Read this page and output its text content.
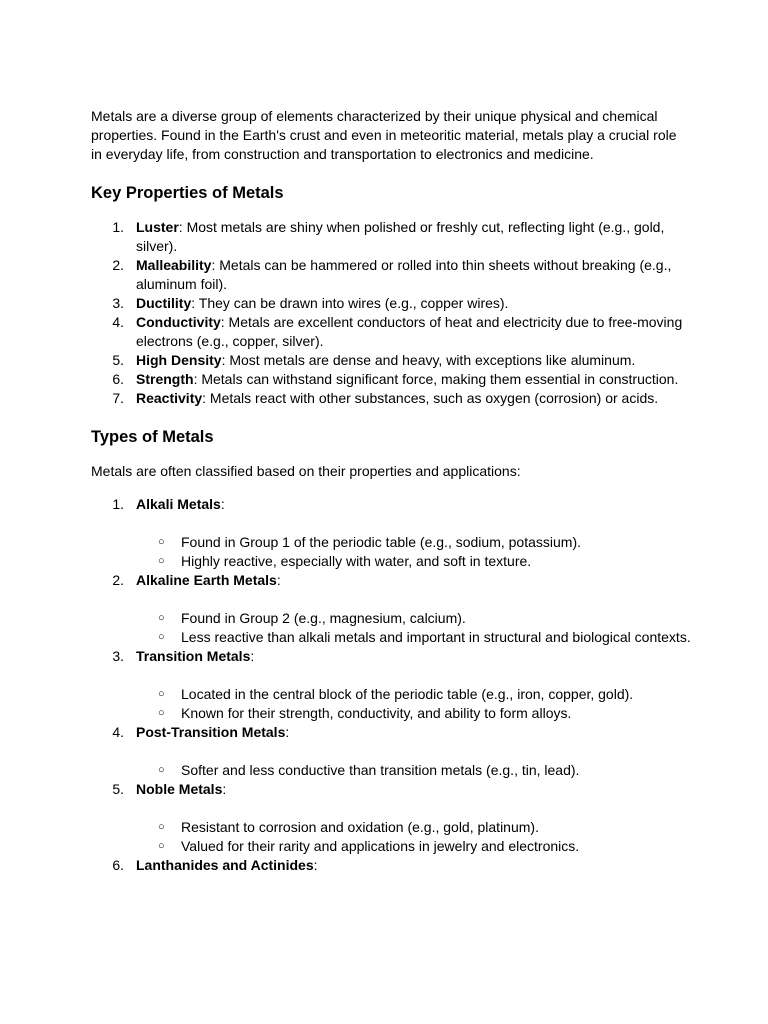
Metals are a diverse group of elements characterized by their unique physical and chemical properties. Found in the Earth's crust and even in meteoritic material, metals play a crucial role in everyday life, from construction and transportation to electronics and medicine.

Key Properties of Metals
1. Luster: Most metals are shiny when polished or freshly cut, reflecting light (e.g., gold, silver).
2. Malleability: Metals can be hammered or rolled into thin sheets without breaking (e.g., aluminum foil).
3. Ductility: They can be drawn into wires (e.g., copper wires).
4. Conductivity: Metals are excellent conductors of heat and electricity due to free-moving electrons (e.g., copper, silver).
5. High Density: Most metals are dense and heavy, with exceptions like aluminum.
6. Strength: Metals can withstand significant force, making them essential in construction.
7. Reactivity: Metals react with other substances, such as oxygen (corrosion) or acids.
Types of Metals

Metals are often classified based on their properties and applications:

1. Alkali Metals:
○ Found in Group 1 of the periodic table (e.g., sodium, potassium).
○ Highly reactive, especially with water, and soft in texture.
2. Alkaline Earth Metals:
○ Found in Group 2 (e.g., magnesium, calcium).
○ Less reactive than alkali metals and important in structural and biological contexts.
3. Transition Metals:
○ Located in the central block of the periodic table (e.g., iron, copper, gold).
○ Known for their strength, conductivity, and ability to form alloys.
4. Post-Transition Metals:
○ Softer and less conductive than transition metals (e.g., tin, lead).
5. Noble Metals:
○ Resistant to corrosion and oxidation (e.g., gold, platinum).
○ Valued for their rarity and applications in jewelry and electronics.
6. Lanthanides and Actinides:
